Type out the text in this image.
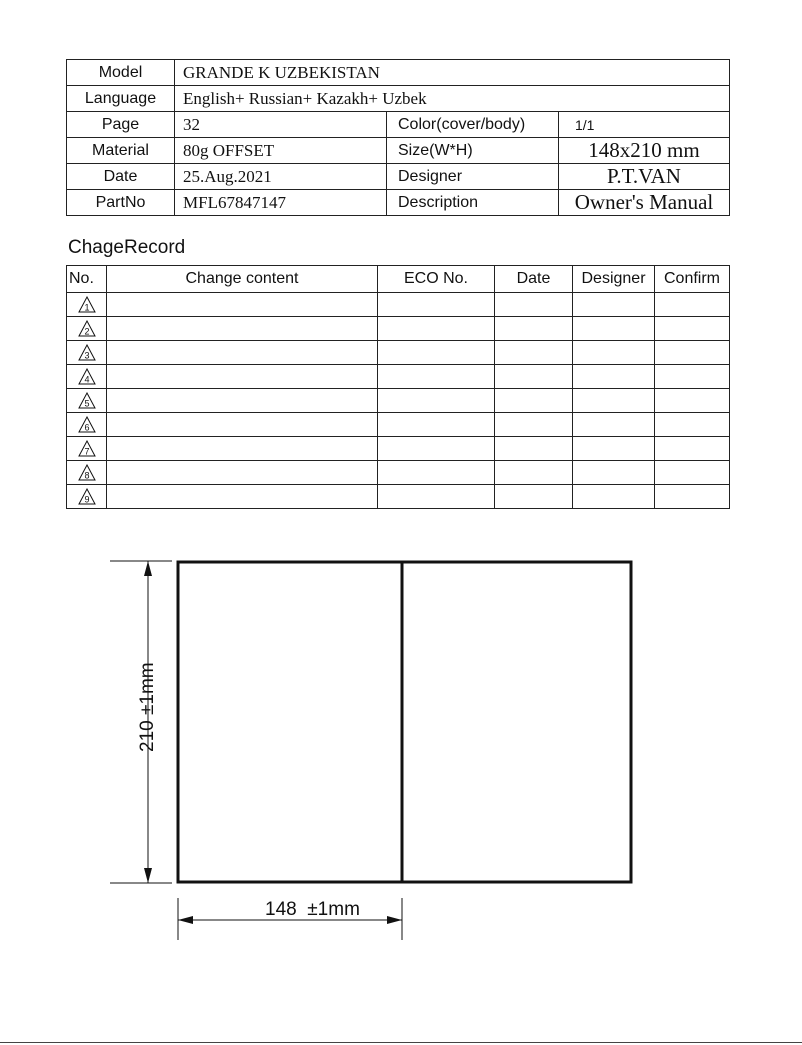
Model	GRANDE K UZBEKISTAN		
Language	English+ Russian+ Kazakh+ Uzbek		
Page	32	Color(cover/body)	1/1
Material	80g OFFSET	Size(W*H)	148x210 mm
Date	25.Aug.2021	Designer	P.T.VAN
PartNo	MFL67847147	Description	Owner's Manual
ChageRecord
No.	Change content	ECO No.	Date	Designer	Confirm

1					

2					

3					

4					

5					

6					

7					

8					

9					

210 ±1mm
148  ±1mm
